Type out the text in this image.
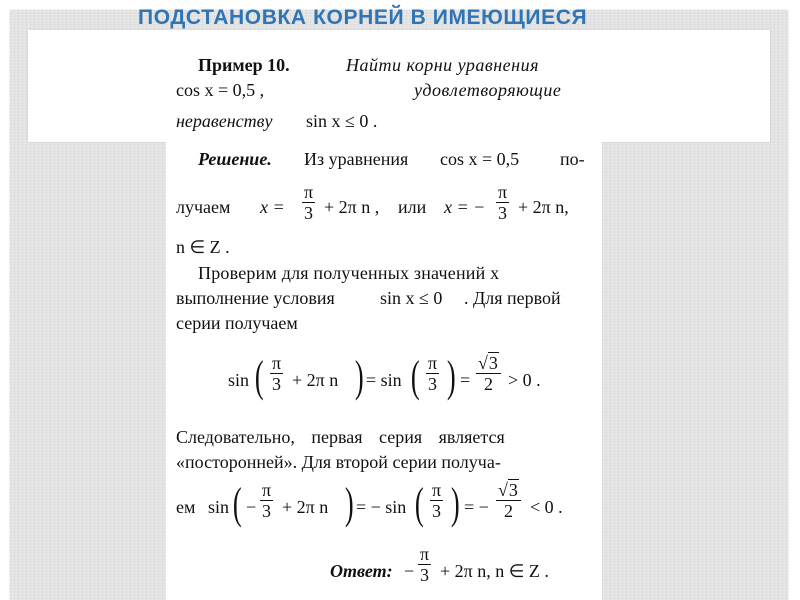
ПОДСТАНОВКА КОРНЕЙ В ИМЕЮЩИЕСЯ
Пример 10.	Найти корни уравнения
cos x = 0,5 ,	удовлетворяющие
неравенству sin x ≤ 0 .
Решение. Из уравнения cos x = 0,5 по-
лучаем $x = \frac{\pi}{3} + 2\pi$ n , или x = − $\frac{\pi}{3} + 2\pi$ n,
n ∈ Z .
Проверим для полученных значений x
выполнение условия	sin x ≤ 0 . Для первой
серии получаем
sin ( $\frac{\pi}{3} + 2\pi$ n ) = sin ( $\frac{\pi}{3}$ ) = $\frac{√3}{2} > 0$ .
Следовательно, первая серия является
«посторонней». Для второй серии получа-
ем sin ( − $\frac{\pi}{3} + 2\pi$ n ) = − sin ( $\frac{\pi}{3}$ ) = − $\frac{√3}{2} < 0$ .
Ответ: − $\frac{\pi}{3} + 2\pi$ n, n ∈ Z .
